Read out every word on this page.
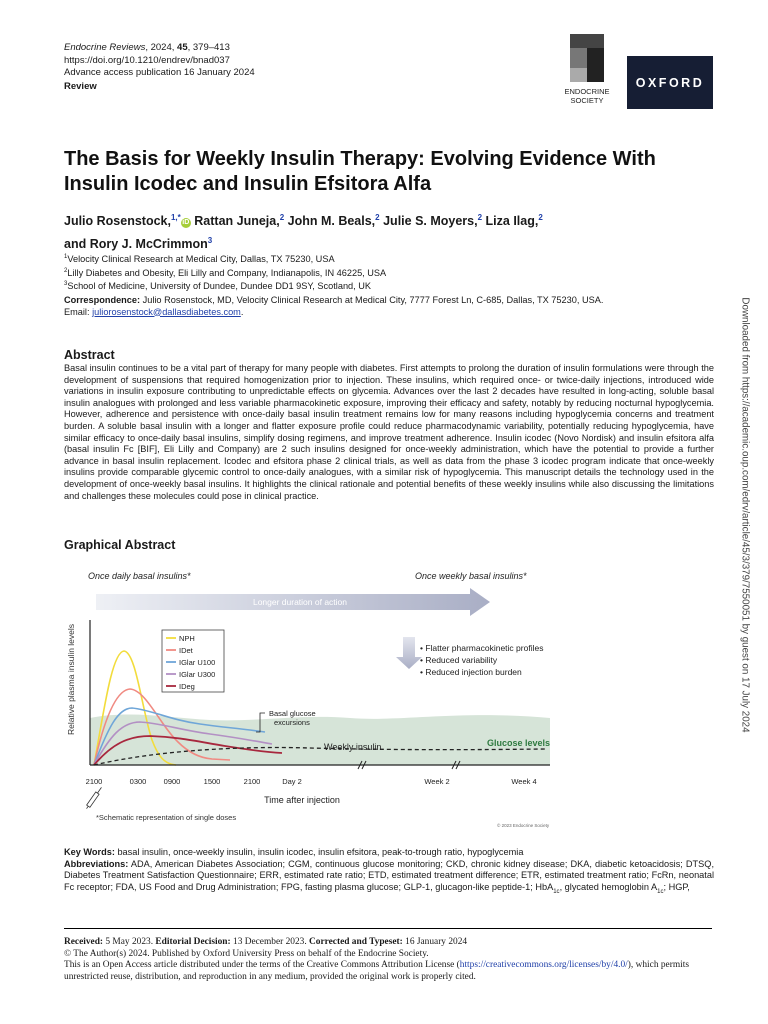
Endocrine Reviews, 2024, 45, 379–413
https://doi.org/10.1210/endrev/bnad037
Advance access publication 16 January 2024
Review	ENDOCRINE
SOCIETY
OXFORD
The Basis for Weekly Insulin Therapy: Evolving Evidence With Insulin Icodec and Insulin Efsitora Alfa
Julio Rosenstock,$^{1,*}$iD Rattan Juneja,$^2$ John M. Beals,$^2$ Julie S. Moyers,$^2$ Liza Ilag,$^2$
and Rory J. McCrimmon$^3$
$^1$Velocity Clinical Research at Medical City, Dallas, TX 75230, USA
$^2$Lilly Diabetes and Obesity, Eli Lilly and Company, Indianapolis, IN 46225, USA
$^3$School of Medicine, University of Dundee, Dundee DD1 9SY, Scotland, UK
Correspondence: Julio Rosenstock, MD, Velocity Clinical Research at Medical City, 7777 Forest Ln, C-685, Dallas, TX 75230, USA.
Email: juliorosenstock@dallasdiabetes.com.	Downloaded from https://academic.oup.com/edrv/article/45/3/379/7550051 by guest on 17 July 2024
Abstract
Basal insulin continues to be a vital part of therapy for many people with diabetes. First attempts to prolong the duration of insulin formulations were through the development of suspensions that required homogenization prior to injection. These insulins, which required once- or twice-daily injections, introduced wide variations in insulin exposure contributing to unpredictable effects on glycemia. Advances over the last 2 decades have resulted in long-acting, soluble basal insulin analogues with prolonged and less variable pharmacokinetic exposure, improving their efficacy and safety, notably by reducing nocturnal hypoglycemia. However, adherence and persistence with once-daily basal insulin treatment remains low for many reasons including hypoglycemia concerns and treatment burden. A soluble basal insulin with a longer and flatter exposure profile could reduce pharmacodynamic variability, potentially reducing hypoglycemia, have similar efficacy to once-daily basal insulins, simplify dosing regimens, and improve treatment adherence. Insulin icodec (Novo Nordisk) and insulin efsitora alfa (basal insulin Fc [BIF], Eli Lilly and Company) are 2 such insulins designed for once-weekly administration, which have the potential to provide a further advance in basal insulin replacement. Icodec and efsitora phase 2 clinical trials, as well as data from the phase 3 icodec program indicate that once-weekly insulins provide comparable glycemic control to once-daily analogues, with a similar risk of hypoglycemia. This manuscript details the technology used in the development of once-weekly basal insulins. It highlights the clinical rationale and potential benefits of these weekly insulins while also discussing the limitations and challenges these molecules could pose in clinical practice.
Graphical Abstract
Once daily basal insulins*	Once weekly basal insulins*
Longer duration of action
2100	0300 0900	1500	2100	Day 2	Week 2	Week 4
Time after injection
Relative plasma insulin levels	NPH
IDet
IGlar U100
IGlar U300
IDeg
• Flatter pharmacokinetic profiles
• Reduced variability
• Reduced injection burden
Basal glucose
excursions
Weekly insulin	Glucose levels
*Schematic representation of single doses
© 2023 Endocrine Society
Key Words: basal insulin, once-weekly insulin, insulin icodec, insulin efsitora, peak-to-trough ratio, hypoglycemia
Abbreviations: ADA, American Diabetes Association; CGM, continuous glucose monitoring; CKD, chronic kidney disease; DKA, diabetic ketoacidosis; DTSQ, Diabetes Treatment Satisfaction Questionnaire; ERR, estimated rate ratio; ETD, estimated treatment difference; ETR, estimated treatment ratio; FcRn, neonatal Fc receptor; FDA, US Food and Drug Administration; FPG, fasting plasma glucose; GLP-1, glucagon-like peptide-1; HbA$_{1c}$, glycated hemoglobin $A_{1c}$; HGP,
Received: 5 May 2023. Editorial Decision: 13 December 2023. Corrected and Typeset: 16 January 2024
© The Author(s) 2024. Published by Oxford University Press on behalf of the Endocrine Society.
This is an Open Access article distributed under the terms of the Creative Commons Attribution License (https://creativecommons.org/licenses/by/4.0/), which permits unrestricted reuse, distribution, and reproduction in any medium, provided the original work is properly cited.
